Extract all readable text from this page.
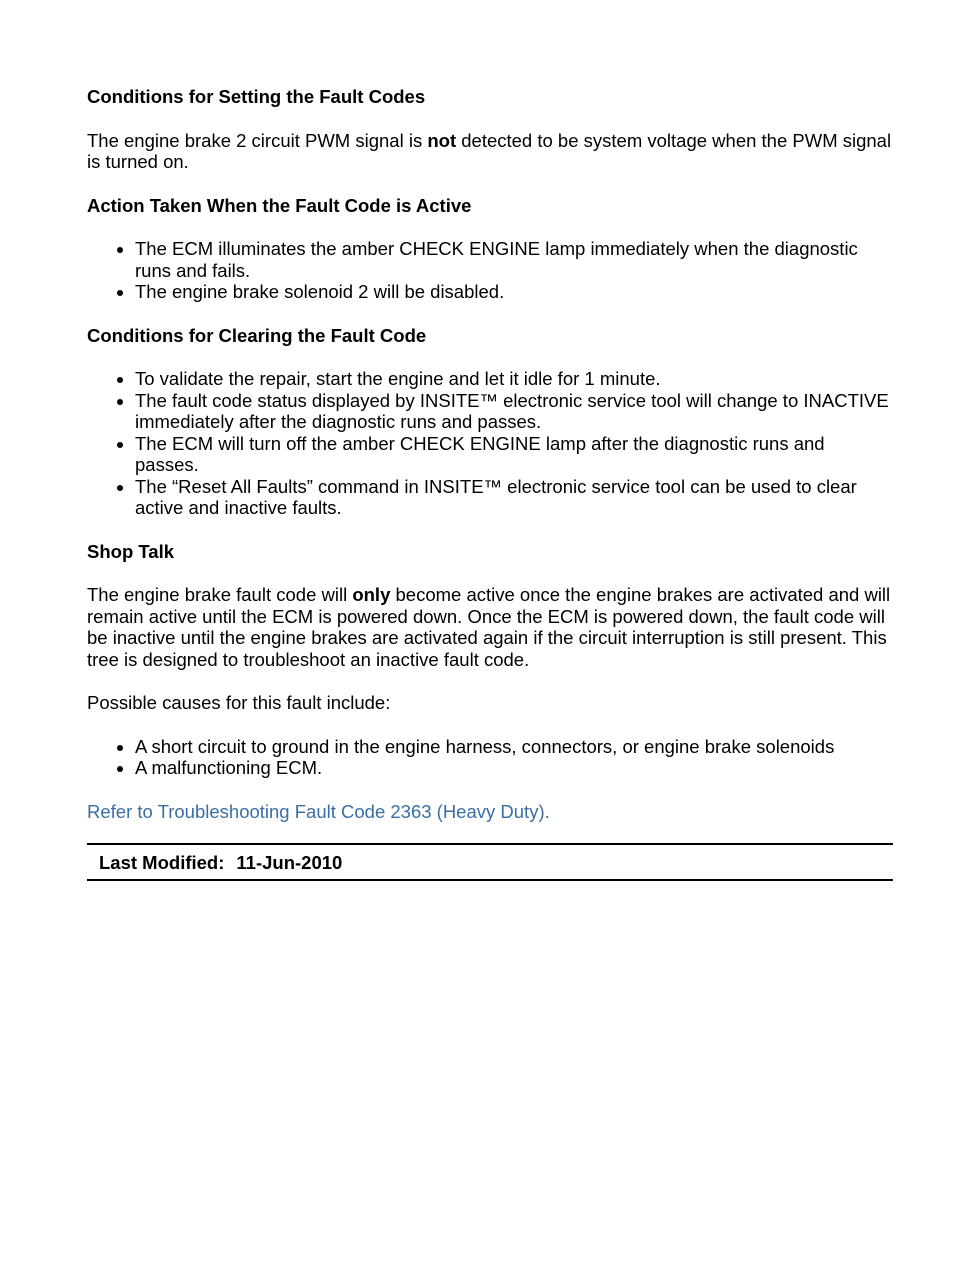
Conditions for Setting the Fault Codes

The engine brake 2 circuit PWM signal is not detected to be system voltage when the PWM signal is turned on.

Action Taken When the Fault Code is Active
The ECM illuminates the amber CHECK ENGINE lamp immediately when the diagnostic runs and fails.
The engine brake solenoid 2 will be disabled.
Conditions for Clearing the Fault Code
To validate the repair, start the engine and let it idle for 1 minute.
The fault code status displayed by INSITE™ electronic service tool will change to INACTIVE immediately after the diagnostic runs and passes.
The ECM will turn off the amber CHECK ENGINE lamp after the diagnostic runs and passes.
The “Reset All Faults” command in INSITE™ electronic service tool can be used to clear active and inactive faults.
Shop Talk

The engine brake fault code will only become active once the engine brakes are activated and will remain active until the ECM is powered down. Once the ECM is powered down, the fault code will be inactive until the engine brakes are activated again if the circuit interruption is still present. This tree is designed to troubleshoot an inactive fault code.

Possible causes for this fault include:

A short circuit to ground in the engine harness, connectors, or engine brake solenoids
A malfunctioning ECM.
Refer to Troubleshooting Fault Code 2363 (Heavy Duty).
Last Modified: 11-Jun-2010
